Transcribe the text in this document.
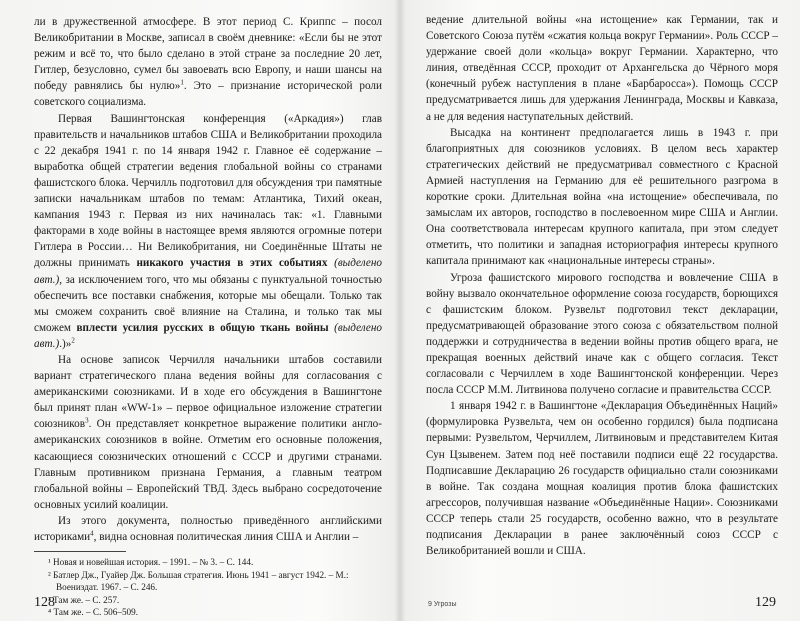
ли в дружественной атмосфере. В этот период С. Криппс – посол Великобритании в Москве, записал в своём дневнике: «Если бы не этот режим и всё то, что было сделано в этой стране за последние 20 лет, Гитлер, безусловно, сумел бы завоевать всю Европу, и наши шансы на победу равнялись бы нулю»$^1$. Это – признание исторической роли советского социализма.

Первая Вашингтонская конференция («Аркадия») глав правительств и начальников штабов США и Великобритании проходила с 22 декабря 1941 г. по 14 января 1942 г. Главное её содержание – выработка общей стратегии ведения глобальной войны со странами фашистского блока. Черчилль подготовил для обсуждения три памятные записки начальникам штабов по темам: Атлантика, Тихий океан, кампания 1943 г. Первая из них начиналась так: «1. Главными факторами в ходе войны в настоящее время являются огромные потери Гитлера в России… Ни Великобритания, ни Соединённые Штаты не должны принимать никакого участия в этих событиях (выделено авт.), за исключением того, что мы обязаны с пунктуальной точностью обеспечить все поставки снабжения, которые мы обещали. Только так мы сможем сохранить своё влияние на Сталина, и только так мы сможем вплести усилия русских в общую ткань войны (выделено авт.).)»$^2$

На основе записок Черчилля начальники штабов составили вариант стратегического плана ведения войны для согласования с американскими союзниками. И в ходе его обсуждения в Вашингтоне был принят план «WW-1» – первое официальное изложение стратегии союзников$^3$. Он представляет конкретное выражение политики англо-американских союзников в войне. Отметим его основные положения, касающиеся союзнических отношений с СССР и другими странами. Главным противником признана Германия, а главным театром глобальной войны – Европейский ТВД. Здесь выбрано сосредоточение основных усилий коалиции.

Из этого документа, полностью приведённого английскими историками$^4$, видна основная политическая линия США и Англии –

¹ Новая и новейшая история. – 1991. – № 3. – С. 144.
² Батлер Дж., Гуайер Дж. Большая стратегия. Июнь 1941 – август 1942. – М.: Воениздат. 1967. – С. 246.
³ Там же. – С. 257.
⁴ Там же. – С. 506–509.
128

ведение длительной войны «на истощение» как Германии, так и Советского Союза путём «сжатия кольца вокруг Германии». Роль СССР – удержание своей доли «кольца» вокруг Германии. Характерно, что линия, отведённая СССР, проходит от Архангельска до Чёрного моря (конечный рубеж наступления в плане «Барбаросса»). Помощь СССР предусматривается лишь для удержания Ленинграда, Москвы и Кавказа, а не для ведения наступательных действий.

Высадка на континент предполагается лишь в 1943 г. при благоприятных для союзников условиях. В целом весь характер стратегических действий не предусматривал совместного с Красной Армией наступления на Германию для её решительного разгрома в короткие сроки. Длительная война «на истощение» обеспечивала, по замыслам их авторов, господство в послевоенном мире США и Англии. Она соответствовала интересам крупного капитала, при этом следует отметить, что политики и западная историография интересы крупного капитала принимают как «национальные интересы страны».

Угроза фашистского мирового господства и вовлечение США в войну вызвало окончательное оформление союза государств, борющихся с фашистским блоком. Рузвельт подготовил текст декларации, предусматривающей образование этого союза с обязательством полной поддержки и сотрудничества в ведении войны против общего врага, не прекращая военных действий иначе как с общего согласия. Текст согласовали с Черчиллем в ходе Вашингтонской конференции. Через посла СССР М.М. Литвинова получено согласие и правительства СССР.

1 января 1942 г. в Вашингтоне «Декларация Объединённых Наций» (формулировка Рузвельта, чем он особенно гордился) была подписана первыми: Рузвельтом, Черчиллем, Литвиновым и представителем Китая Сун Цзывенем. Затем под неё поставили подписи ещё 22 государства. Подписавшие Декларацию 26 государств официально стали союзниками в войне. Так создана мощная коалиция против блока фашистских агрессоров, получившая название «Объединённые Нации». Союзниками СССР теперь стали 25 государств, особенно важно, что в результате подписания Декларации в ранее заключённый союз СССР с Великобританией вошли и США.

9 Угрозы	129
